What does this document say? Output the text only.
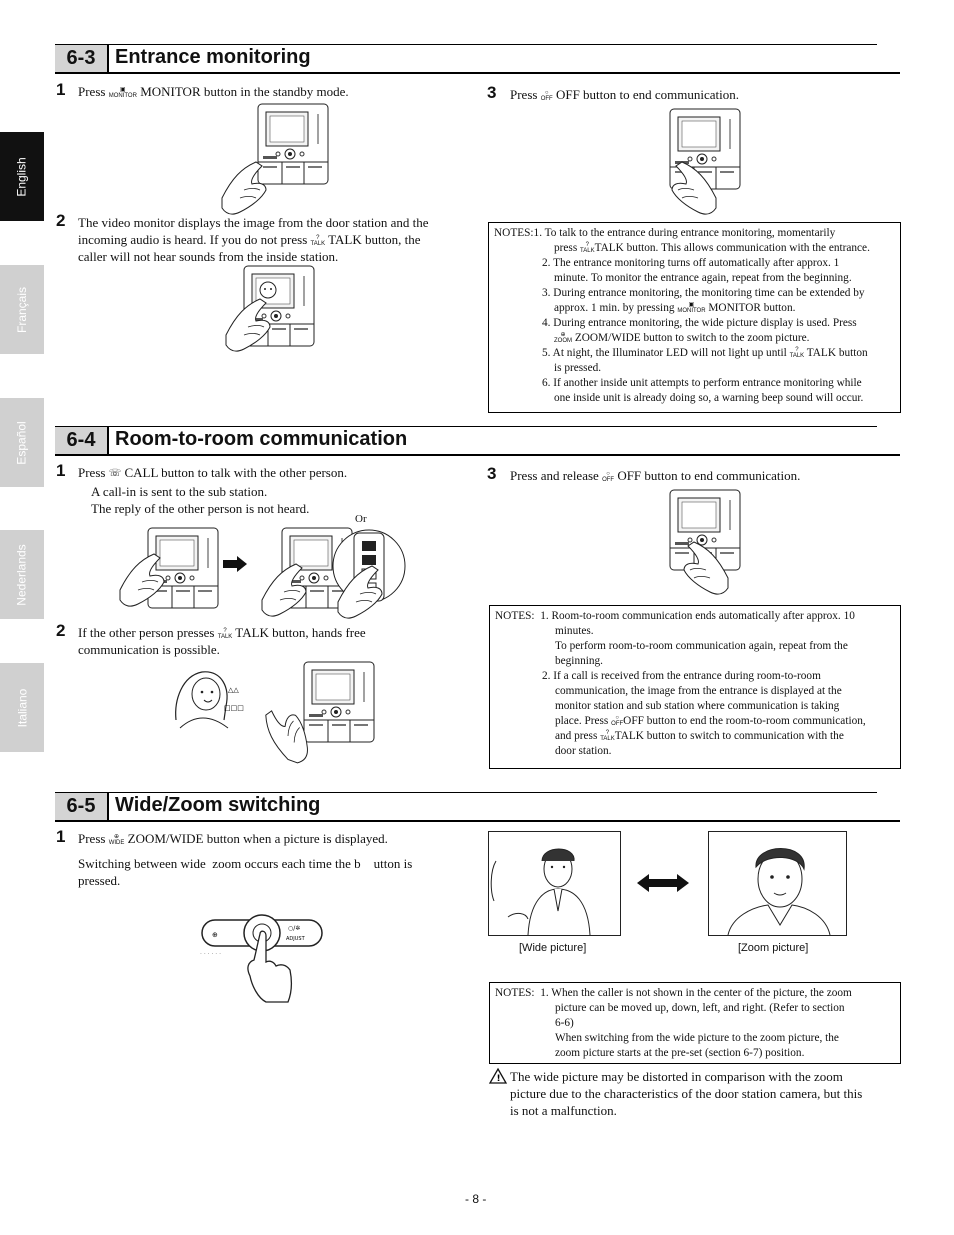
English
Français
Español
Nederlands
Italiano
6-3 Entrance monitoring
1 Press ▣
MONITOR MONITOR button in the standby mode.
2 The video monitor displays the image from the door station and the
incoming audio is heard. If you do not press ?
TALK TALK button, the
caller will not hear sounds from the inside station.
3 Press ○
OFF OFF button to end communication.
NOTES:1. To talk to the entrance during entrance monitoring, momentarily
press ?
TALKTALK button. This allows communication with the entrance.
2. The entrance monitoring turns off automatically after approx. 1
minute. To monitor the entrance again, repeat from the beginning.
3. During entrance monitoring, the monitoring time can be extended by
approx. 1 min. by pressing ▣
MONITOR MONITOR button.
4. During entrance monitoring, the wide picture display is used. Press
⊕
ZOOM ZOOM/WIDE button to switch to the zoom picture.
5. At night, the Illuminator LED will not light up until ?
TALK TALK button
is pressed.
6. If another inside unit attempts to perform entrance monitoring while
one inside unit is already doing so, a warning beep sound will occur.
6-4 Room-to-room communication
1 Press ☏ CALL button to talk with the other person.
A call-in is sent to the sub station.
The reply of the other person is not heard.
Or
2 If the other person presses ?
TALK TALK button, hands free
communication is possible.
△△
□□□
3 Press and release ○
OFF OFF button to end communication.
NOTES: 1. Room-to-room communication ends automatically after approx. 10
minutes.
To perform room-to-room communication again, repeat from the
beginning.
2. If a call is received from the entrance during room-to-room
communication, the image from the entrance is displayed at the
monitor station and sub station where communication is taking
place. Press ○
OFFOFF button to end the room-to-room communication,
and press ?
TALKTALK button to switch to communication with the
door station.
6-5 Wide/Zoom switching
1 Press ⊕
WIDE ZOOM/WIDE button when a picture is displayed.
Switching between wide  zoom occurs each time the b    utton is
pressed.
⊕
○/✲
ADJUST
· · · · · ·
[Wide picture]	[Zoom picture]
NOTES: 1. When the caller is not shown in the center of the picture, the zoom
picture can be moved up, down, left, and right. (Refer to section
6-6)
When switching from the wide picture to the zoom picture, the
zoom picture starts at the pre-set (section 6-7) position.
! The wide picture may be distorted in comparison with the zoom
picture due to the characteristics of the door station camera, but this
is not a malfunction.
- 8 -
